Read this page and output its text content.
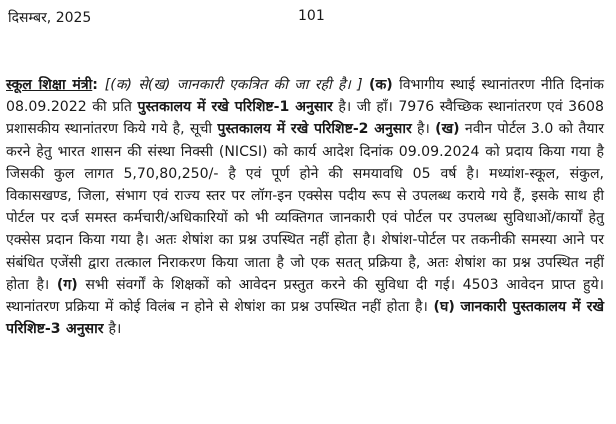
दिसम्बर, 2025	101

स्कूल शिक्षा मंत्री: [(क) से(ख) जानकारी एकत्रित की जा रही है। ] (क) विभागीय स्थाई स्थानांतरण नीति दिनांक 08.09.2022 की प्रति पुस्तकालय में रखे परिशिष्ट-1 अनुसार है। जी हाँ। 7976 स्वैच्छिक स्थानांतरण एवं 3608 प्रशासकीय स्थानांतरण किये गये है, सूची पुस्तकालय में रखे परिशिष्ट-2 अनुसार है। (ख) नवीन पोर्टल 3.0 को तैयार करने हेतु भारत शासन की संस्था निक्सी (NICSI) को कार्य आदेश दिनांक 09.09.2024 को प्रदाय किया गया है जिसकी कुल लागत 5,70,80,250/- है एवं पूर्ण होने की समयावधि 05 वर्ष है। मध्यांश-स्कूल, संकुल, विकासखण्ड, जिला, संभाग एवं राज्य स्तर पर लॉग-इन एक्सेस पदीय रूप से उपलब्ध कराये गये हैं, इसके साथ ही पोर्टल पर दर्ज समस्त कर्मचारी/अधिकारियों को भी व्यक्तिगत जानकारी एवं पोर्टल पर उपलब्ध सुविधाओं/कार्यों हेतु एक्सेस प्रदान किया गया है। अतः शेषांश का प्रश्न उपस्थित नहीं होता है। शेषांश-पोर्टल पर तकनीकी समस्या आने पर संबंधित एजेंसी द्वारा तत्काल निराकरण किया जाता है जो एक सतत् प्रक्रिया है, अतः शेषांश का प्रश्न उपस्थित नहीं होता है। (ग) सभी संवर्गों के शिक्षकों को आवेदन प्रस्तुत करने की सुविधा दी गई। 4503 आवेदन प्राप्त हुये। स्थानांतरण प्रक्रिया में कोई विलंब न होने से शेषांश का प्रश्न उपस्थित नहीं होता है। (घ) जानकारी पुस्तकालय में रखे परिशिष्ट-3 अनुसार है।
